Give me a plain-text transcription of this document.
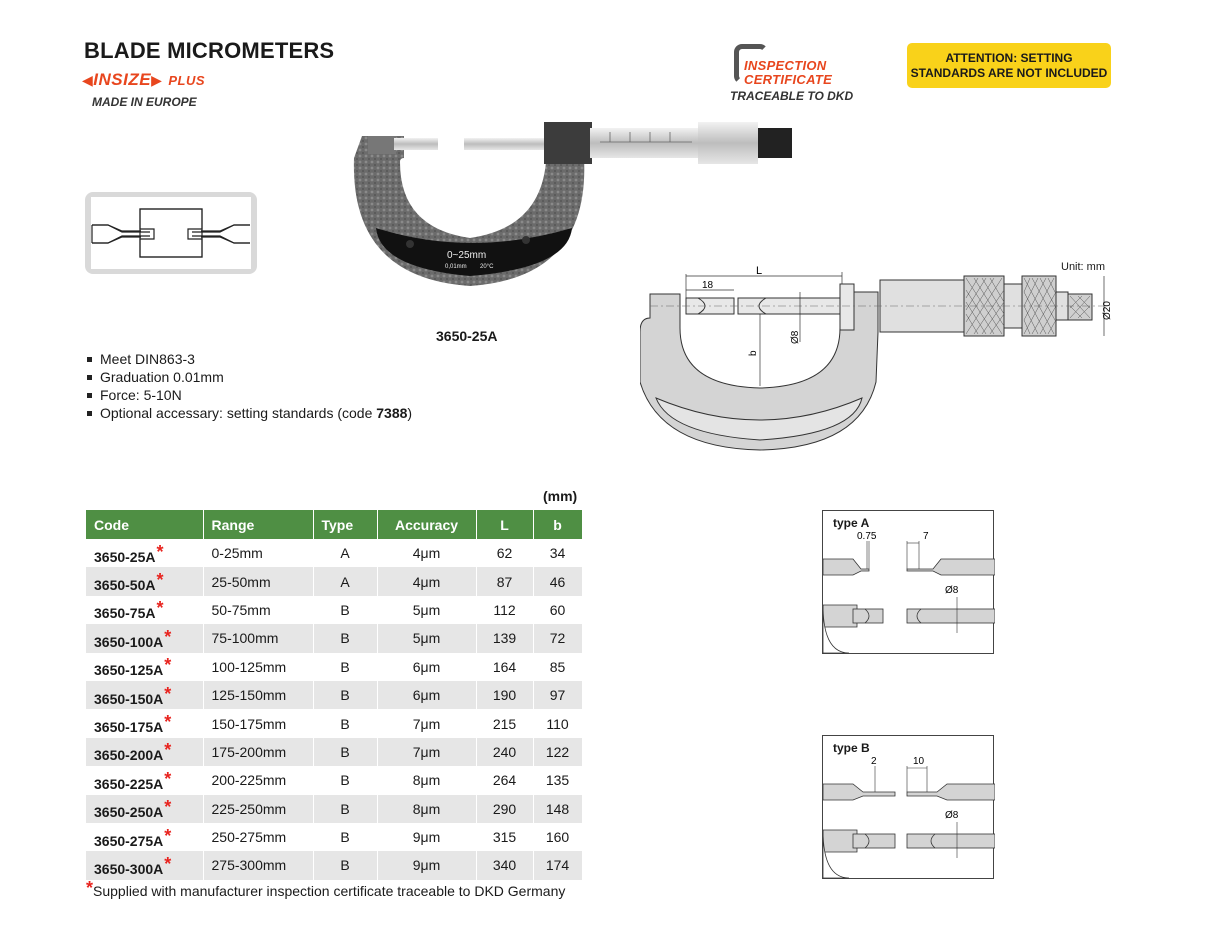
BLADE MICROMETERS
◀INSIZE▶ PLUS
MADE IN EUROPE
INSPECTION
CERTIFICATE
TRACEABLE TO DKD
ATTENTION: SETTING
STANDARDS ARE NOT INCLUDED
0~25mm
0,01mm 20°C
3650-25A
Meet DIN863-3
Graduation 0.01mm
Force: 5-10N
Optional accessary: setting standards (code 7388)
Unit: mm
L
18
b
Ø8
Ø20
(mm)
Code	Range	Type	Accuracy	L	b
3650-25A*	0-25mm	A	4μm	62	34
3650-50A*	25-50mm	A	4μm	87	46
3650-75A*	50-75mm	B	5μm	112	60
3650-100A*	75-100mm	B	5μm	139	72
3650-125A*	100-125mm	B	6μm	164	85
3650-150A*	125-150mm	B	6μm	190	97
3650-175A*	150-175mm	B	7μm	215	110
3650-200A*	175-200mm	B	7μm	240	122
3650-225A*	200-225mm	B	8μm	264	135
3650-250A*	225-250mm	B	8μm	290	148
3650-275A*	250-275mm	B	9μm	315	160
3650-300A*	275-300mm	B	9μm	340	174
*Supplied with manufacturer inspection certificate traceable to DKD Germany
type A
0.75	7
Ø8
type B
2	10
Ø8
